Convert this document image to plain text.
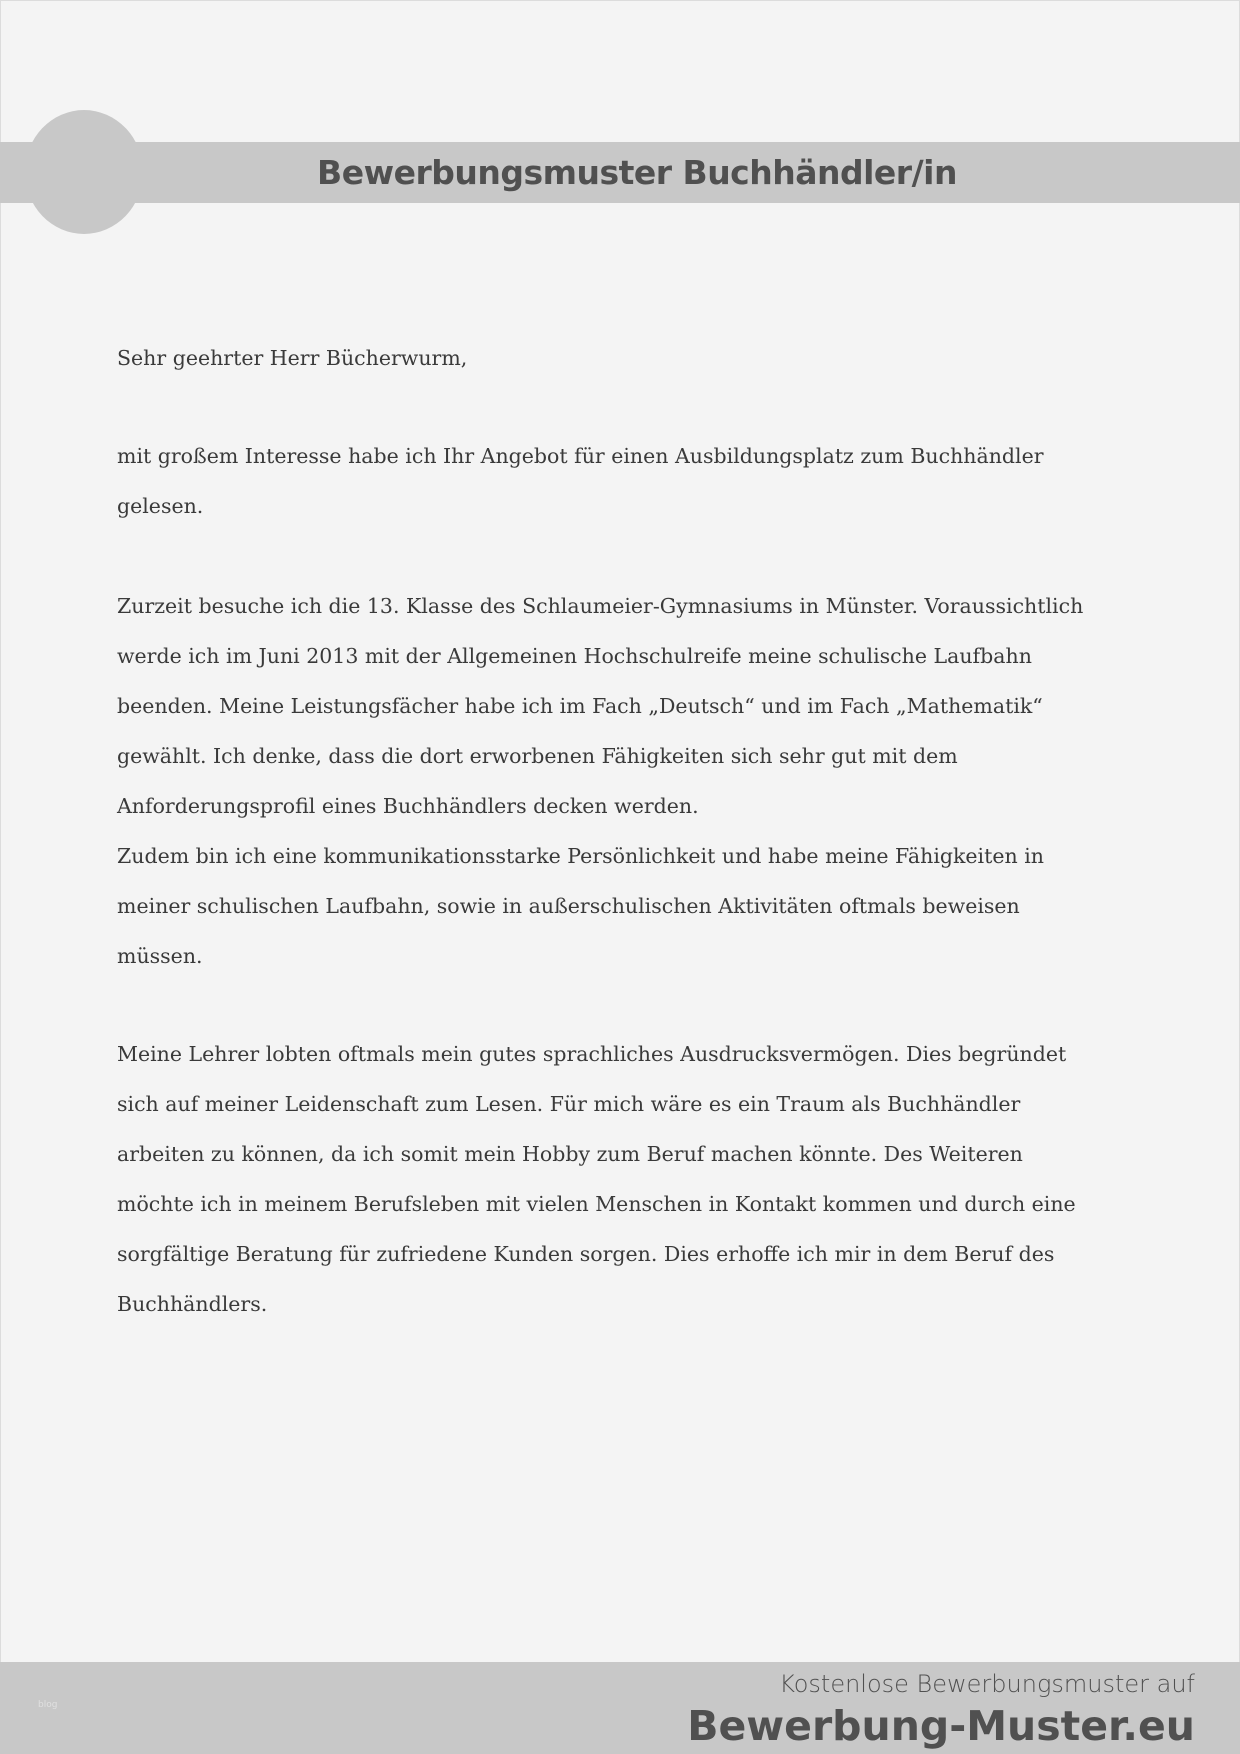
Bewerbungsmuster Buchhändler/in
Sehr geehrter Herr Bücherwurm,
mit großem Interesse habe ich Ihr Angebot für einen Ausbildungsplatz zum Buchhändler
gelesen.
Zurzeit besuche ich die 13. Klasse des Schlaumeier-Gymnasiums in Münster. Voraussichtlich
werde ich im Juni 2013 mit der Allgemeinen Hochschulreife meine schulische Laufbahn
beenden. Meine Leistungsfächer habe ich im Fach „Deutsch“ und im Fach „Mathematik“
gewählt. Ich denke, dass die dort erworbenen Fähigkeiten sich sehr gut mit dem
Anforderungsprofil eines Buchhändlers decken werden.
Zudem bin ich eine kommunikationsstarke Persönlichkeit und habe meine Fähigkeiten in
meiner schulischen Laufbahn, sowie in außerschulischen Aktivitäten oftmals beweisen
müssen.
Meine Lehrer lobten oftmals mein gutes sprachliches Ausdrucksvermögen. Dies begründet
sich auf meiner Leidenschaft zum Lesen. Für mich wäre es ein Traum als Buchhändler
arbeiten zu können, da ich somit mein Hobby zum Beruf machen könnte. Des Weiteren
möchte ich in meinem Berufsleben mit vielen Menschen in Kontakt kommen und durch eine
sorgfältige Beratung für zufriedene Kunden sorgen. Dies erhoffe ich mir in dem Beruf des
Buchhändlers.
blog
Kostenlose Bewerbungsmuster auf
Bewerbung-Muster.eu
